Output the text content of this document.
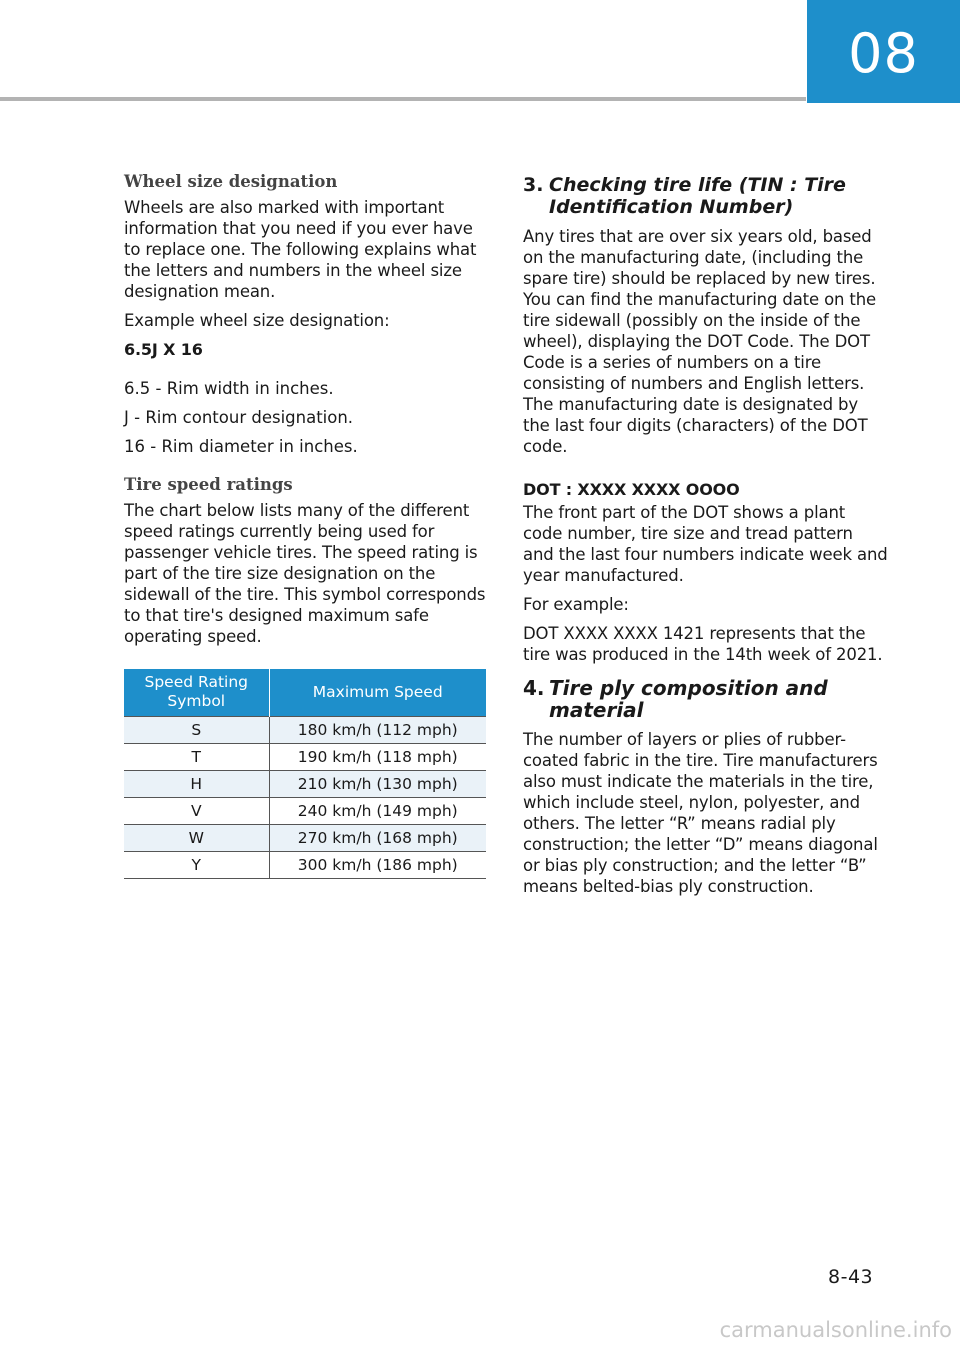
08
Wheel size designation

Wheels are also marked with important information that you need if you ever have to replace one. The following explains what the letters and numbers in the wheel size designation mean.

Example wheel size designation:

6.5J X 16

6.5 - Rim width in inches.
J - Rim contour designation.
16 - Rim diameter in inches.
Tire speed ratings

The chart below lists many of the different speed ratings currently being used for passenger vehicle tires. The speed rating is part of the tire size designation on the sidewall of the tire. This symbol corresponds to that tire's designed maximum safe operating speed.

Speed Rating Symbol	Maximum Speed
S	180 km/h (112 mph)
T	190 km/h (118 mph)
H	210 km/h (130 mph)
V	240 km/h (149 mph)
W	270 km/h (168 mph)
Y	300 km/h (186 mph)
3. Checking tire life (TIN : Tire Identification Number)

Any tires that are over six years old, based on the manufacturing date, (including the spare tire) should be replaced by new tires. You can find the manufacturing date on the tire sidewall (possibly on the inside of the wheel), displaying the DOT Code. The DOT Code is a series of numbers on a tire consisting of numbers and English letters. The manufacturing date is designated by the last four digits (characters) of the DOT code.

DOT : XXXX XXXX OOOO

The front part of the DOT shows a plant code number, tire size and tread pattern and the last four numbers indicate week and year manufactured.

For example:

DOT XXXX XXXX 1421 represents that the tire was produced in the 14th week of 2021.

4. Tire ply composition and material

The number of layers or plies of rubber-coated fabric in the tire. Tire manufacturers also must indicate the materials in the tire, which include steel, nylon, polyester, and others. The letter “R” means radial ply construction; the letter “D” means diagonal or bias ply construction; and the letter “B” means belted-bias ply construction.

8-43
carmanualsonline.info
